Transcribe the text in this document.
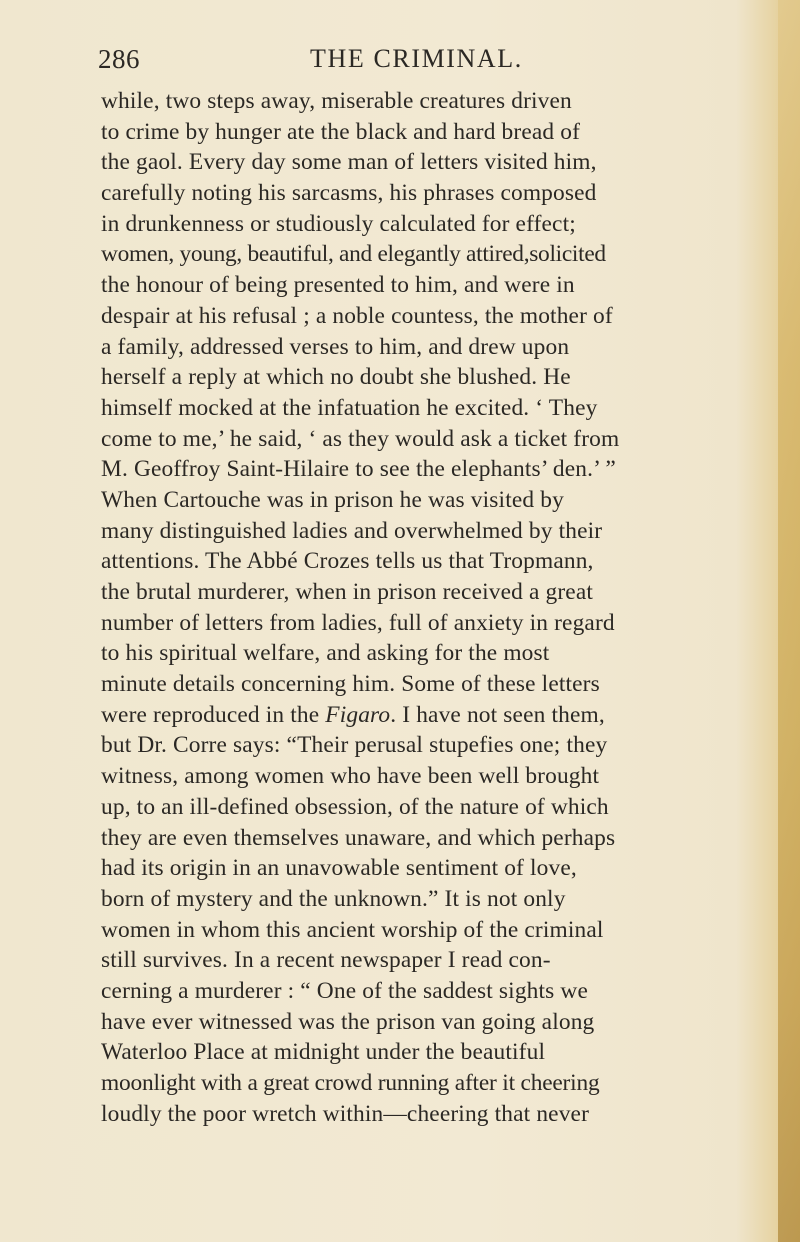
286	THE CRIMINAL.
while, two steps away, miserable creatures driven
to crime by hunger ate the black and hard bread of
the gaol. Every day some man of letters visited him,
carefully noting his sarcasms, his phrases composed
in drunkenness or studiously calculated for effect;
women, young, beautiful, and elegantly attired,solicited
the honour of being presented to him, and were in
despair at his refusal ; a noble countess, the mother of
a family, addressed verses to him, and drew upon
herself a reply at which no doubt she blushed. He
himself mocked at the infatuation he excited. ‘ They
come to me,’ he said, ‘ as they would ask a ticket from
M. Geoffroy Saint-Hilaire to see the elephants’ den.’ ”
When Cartouche was in prison he was visited by
many distinguished ladies and overwhelmed by their
attentions. The Abbé Crozes tells us that Tropmann,
the brutal murderer, when in prison received a great
number of letters from ladies, full of anxiety in regard
to his spiritual welfare, and asking for the most
minute details concerning him. Some of these letters
were reproduced in the Figaro. I have not seen them,
but Dr. Corre says: “Their perusal stupefies one; they
witness, among women who have been well brought
up, to an ill-defined obsession, of the nature of which
they are even themselves unaware, and which perhaps
had its origin in an unavowable sentiment of love,
born of mystery and the unknown.” It is not only
women in whom this ancient worship of the criminal
still survives. In a recent newspaper I read con-
cerning a murderer : “ One of the saddest sights we
have ever witnessed was the prison van going along
Waterloo Place at midnight under the beautiful
moonlight with a great crowd running after it cheering
loudly the poor wretch within—cheering that never
